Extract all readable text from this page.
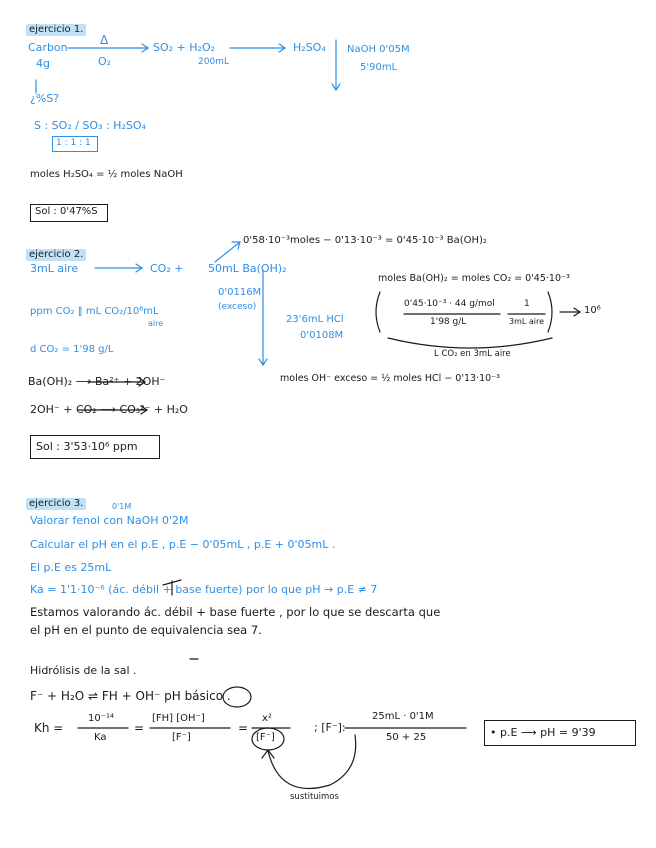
ejercicio 1.
Carbon
4g
Δ
O₂
SO₂ + H₂O₂
200mL
H₂SO₄ NaOH 0'05M
5'90mL
¿%S?
S : SO₂ / SO₃ : H₂SO₄
1 : 1 : 1
moles H₂SO₄ = ½ moles NaOH
Sol : 0'47%S
ejercicio 2.
0'58·10⁻³moles − 0'13·10⁻³ = 0'45·10⁻³ Ba(OH)₂
3mL aire	CO₂ + 50mL Ba(OH)₂
0'0116M
(exceso)
23'6mL HCl
0'0108M
moles Ba(OH)₂ = moles CO₂ = 0'45·10⁻³
0'45·10⁻³ · 44 g/mol
1'98 g/L
1
3mL aire
10⁶
L CO₂ en 3mL aire
ppm CO₂ ‖ mL CO₂/10⁶mL
aire
d CO₂ = 1'98 g/L
Ba(OH)₂ ⟶ Ba²⁺ + 2OH⁻
2OH⁻ + CO₂ ⟶ CO₃²⁻ + H₂O
moles OH⁻ exceso = ½ moles HCl − 0'13·10⁻³
Sol : 3'53·10⁶ ppm
ejercicio 3.	0'1M
Valorar fenol con NaOH 0'2M
Calcular el pH en el p.E , p.E − 0'05mL , p.E + 0'05mL .
El p.E es 25mL
Ka = 1'1·10⁻⁶ (ác. débil + base fuerte) por lo que pH → p.E ≠ 7
Estamos valorando ác. débil + base fuerte , por lo que se descarta que
el pH en el punto de equivalencia sea 7.
Hidrólisis de la sal .
F⁻ + H₂O ⇌ FH + OH⁻ pH básico .
Kh =
10⁻¹⁴
Ka
=
[FH] [OH⁻]
[F⁻]
=
x²
[F⁻]
; [F⁻]:
25mL · 0'1M
50 + 25	• p.E ⟶ pH = 9'39
sustituimos
